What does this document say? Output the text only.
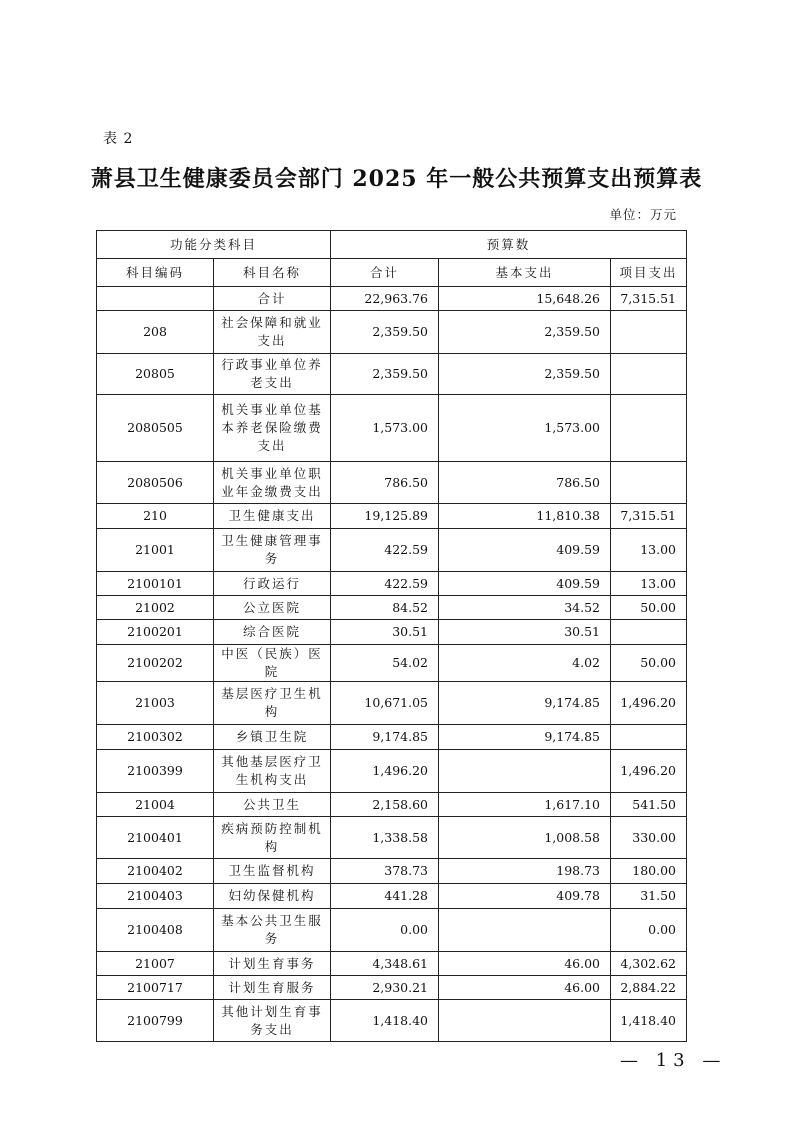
表 2
萧县卫生健康委员会部门 2025 年一般公共预算支出预算表
单位：万元
功能分类科目		预算数		
科目编码	科目名称	合计	基本支出	项目支出
	合计	22,963.76	15,648.26	7,315.51
208	社会保障和就业支出	2,359.50	2,359.50	
20805	行政事业单位养老支出	2,359.50	2,359.50	
2080505	机关事业单位基本养老保险缴费支出	1,573.00	1,573.00	
2080506	机关事业单位职业年金缴费支出	786.50	786.50	
210	卫生健康支出	19,125.89	11,810.38	7,315.51
21001	卫生健康管理事务	422.59	409.59	13.00
2100101	行政运行	422.59	409.59	13.00
21002	公立医院	84.52	34.52	50.00
2100201	综合医院	30.51	30.51	
2100202	中医（民族）医院	54.02	4.02	50.00
21003	基层医疗卫生机构	10,671.05	9,174.85	1,496.20
2100302	乡镇卫生院	9,174.85	9,174.85	
2100399	其他基层医疗卫生机构支出	1,496.20		1,496.20
21004	公共卫生	2,158.60	1,617.10	541.50
2100401	疾病预防控制机构	1,338.58	1,008.58	330.00
2100402	卫生监督机构	378.73	198.73	180.00
2100403	妇幼保健机构	441.28	409.78	31.50
2100408	基本公共卫生服务	0.00		0.00
21007	计划生育事务	4,348.61	46.00	4,302.62
2100717	计划生育服务	2,930.21	46.00	2,884.22
2100799	其他计划生育事务支出	1,418.40		1,418.40
— 13 —
